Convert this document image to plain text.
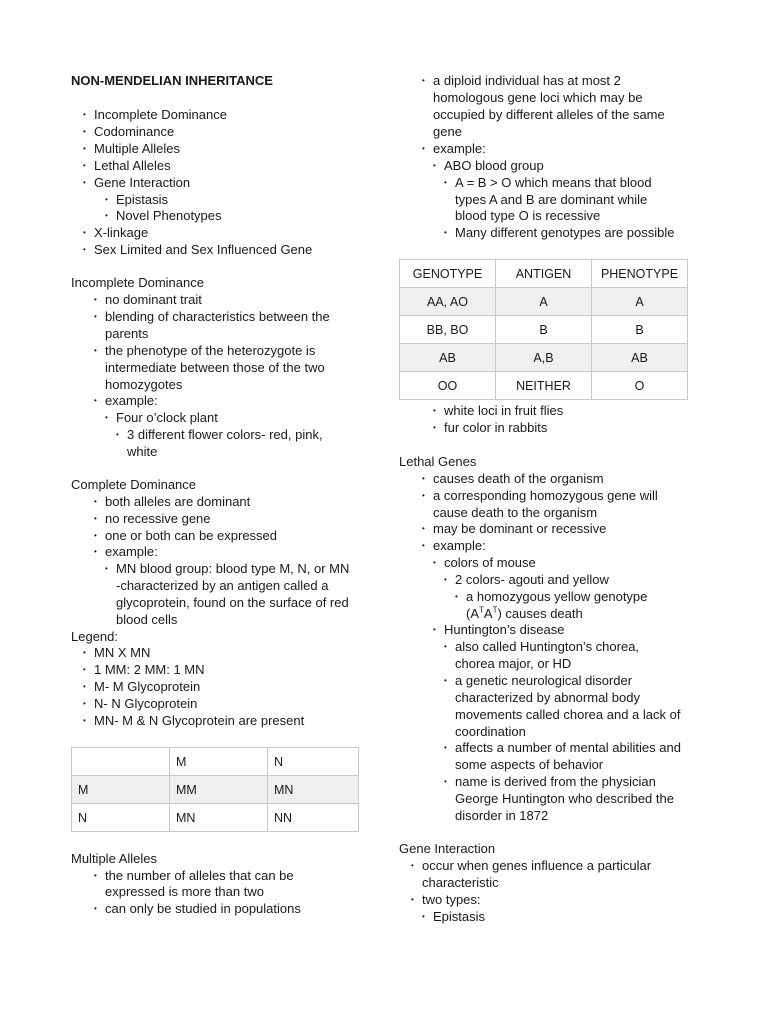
NON-MENDELIAN INHERITANCE
• Incomplete Dominance
• Codominance
• Multiple Alleles
• Lethal Alleles
• Gene Interaction
• Epistasis
• Novel Phenotypes
• X-linkage
• Sex Limited and Sex Influenced Gene
Incomplete Dominance
• no dominant trait
• blending of characteristics between the
parents
• the phenotype of the heterozygote is
intermediate between those of the two
homozygotes
• example:
• Four o’clock plant
• 3 different flower colors- red, pink,
white
Complete Dominance
• both alleles are dominant
• no recessive gene
• one or both can be expressed
• example:
• MN blood group: blood type M, N, or MN
-characterized by an antigen called a
glycoprotein, found on the surface of red
blood cells
Legend:
• MN X MN
• 1 MM: 2 MM: 1 MN
• M- M Glycoprotein
• N- N Glycoprotein
• MN- M & N Glycoprotein are present
	M	N
M	MM	MN
N	MN	NN
Multiple Alleles
• the number of alleles that can be
expressed is more than two
• can only be studied in populations
• a diploid individual has at most 2
homologous gene loci which may be
occupied by different alleles of the same
gene
• example:
• ABO blood group
• A = B > O which means that blood
types A and B are dominant while
blood type O is recessive
• Many different genotypes are possible
GENOTYPE	ANTIGEN	PHENOTYPE
AA, AO	A	A
BB, BO	B	B
AB	A,B	AB
OO	NEITHER	O
• white loci in fruit flies
• fur color in rabbits
Lethal Genes
• causes death of the organism
• a corresponding homozygous gene will
cause death to the organism
• may be dominant or recessive
• example:
• colors of mouse
• 2 colors- agouti and yellow
• a homozygous yellow genotype
$(A^TA^T)$ causes death
• Huntington’s disease
• also called Huntington’s chorea,
chorea major, or HD
• a genetic neurological disorder
characterized by abnormal body
movements called chorea and a lack of
coordination
• affects a number of mental abilities and
some aspects of behavior
• name is derived from the physician
George Huntington who described the
disorder in 1872
Gene Interaction
• occur when genes influence a particular
characteristic
• two types:
• Epistasis
